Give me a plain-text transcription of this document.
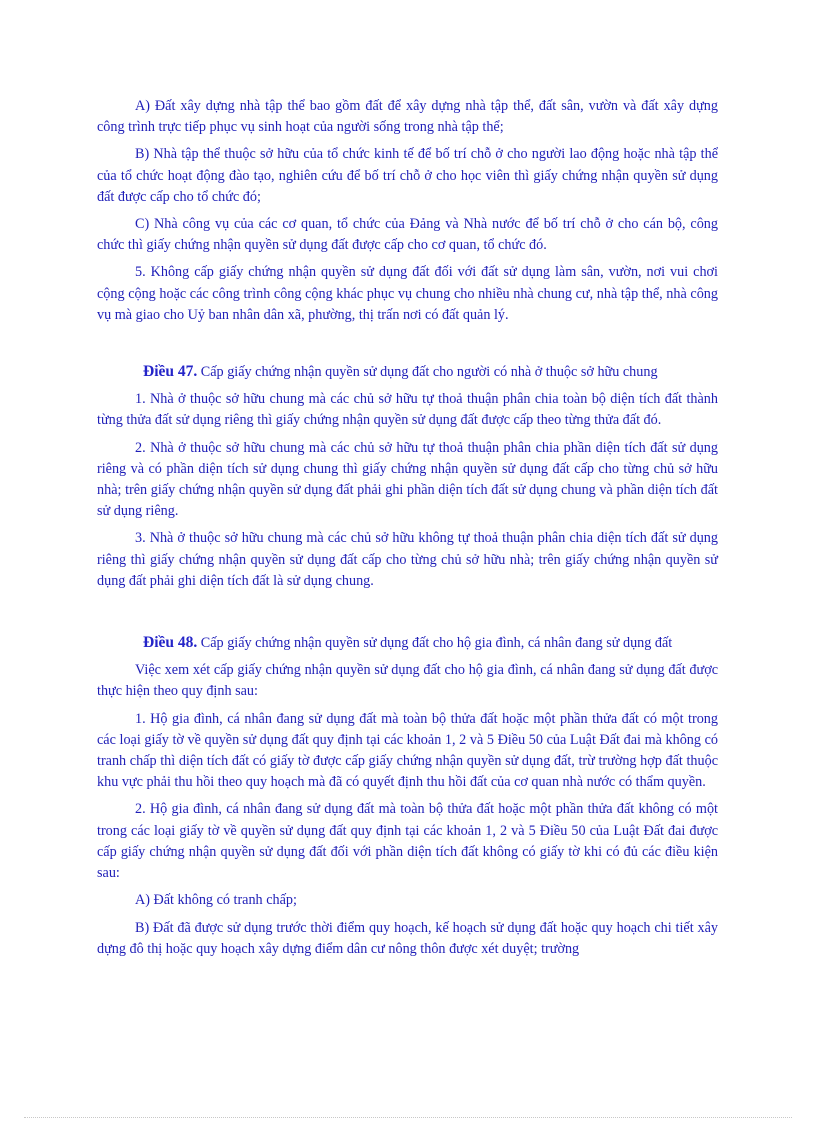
A) Đất xây dựng nhà tập thể bao gồm đất để xây dựng nhà tập thể, đất sân, vườn và đất xây dựng công trình trực tiếp phục vụ sinh hoạt của người sống trong nhà tập thể;

B) Nhà tập thể thuộc sở hữu của tổ chức kinh tế để bố trí chỗ ở cho người lao động hoặc nhà tập thể của tổ chức hoạt động đào tạo, nghiên cứu để bố trí chỗ ở cho học viên thì giấy chứng nhận quyền sử dụng đất được cấp cho tổ chức đó;

C) Nhà công vụ của các cơ quan, tổ chức của Đảng và Nhà nước để bố trí chỗ ở cho cán bộ, công chức thì giấy chứng nhận quyền sử dụng đất được cấp cho cơ quan, tổ chức đó.

5. Không cấp giấy chứng nhận quyền sử dụng đất đối với đất sử dụng làm sân, vườn, nơi vui chơi cộng cộng hoặc các công trình công cộng khác phục vụ chung cho nhiều nhà chung cư, nhà tập thể, nhà công vụ mà giao cho Uỷ ban nhân dân xã, phường, thị trấn nơi có đất quản lý.

Điều 47. Cấp giấy chứng nhận quyền sử dụng đất cho người có nhà ở thuộc sở hữu chung

1. Nhà ở thuộc sở hữu chung mà các chủ sở hữu tự thoả thuận phân chia toàn bộ diện tích đất thành từng thửa đất sử dụng riêng thì giấy chứng nhận quyền sử dụng đất được cấp theo từng thửa đất đó.

2. Nhà ở thuộc sở hữu chung mà các chủ sở hữu tự thoả thuận phân chia phần diện tích đất sử dụng riêng và có phần diện tích sử dụng chung thì giấy chứng nhận quyền sử dụng đất cấp cho từng chủ sở hữu nhà; trên giấy chứng nhận quyền sử dụng đất phải ghi phần diện tích đất sử dụng chung và phần diện tích đất sử dụng riêng.

3. Nhà ở thuộc sở hữu chung mà các chủ sở hữu không tự thoả thuận phân chia diện tích đất sử dụng riêng thì giấy chứng nhận quyền sử dụng đất cấp cho từng chủ sở hữu nhà; trên giấy chứng nhận quyền sử dụng đất phải ghi diện tích đất là sử dụng chung.

Điều 48. Cấp giấy chứng nhận quyền sử dụng đất cho hộ gia đình, cá nhân đang sử dụng đất

Việc xem xét cấp giấy chứng nhận quyền sử dụng đất cho hộ gia đình, cá nhân đang sử dụng đất được thực hiện theo quy định sau:

1. Hộ gia đình, cá nhân đang sử dụng đất mà toàn bộ thửa đất hoặc một phần thửa đất có một trong các loại giấy tờ về quyền sử dụng đất quy định tại các khoản 1, 2 và 5 Điều 50 của Luật Đất đai mà không có tranh chấp thì diện tích đất có giấy tờ được cấp giấy chứng nhận quyền sử dụng đất, trừ trường hợp đất thuộc khu vực phải thu hồi theo quy hoạch mà đã có quyết định thu hồi đất của cơ quan nhà nước có thẩm quyền.

2. Hộ gia đình, cá nhân đang sử dụng đất mà toàn bộ thửa đất hoặc một phần thửa đất không có một trong các loại giấy tờ về quyền sử dụng đất quy định tại các khoản 1, 2 và 5 Điều 50 của Luật Đất đai được cấp giấy chứng nhận quyền sử dụng đất đối với phần diện tích đất không có giấy tờ khi có đủ các điều kiện sau:

A) Đất không có tranh chấp;

B) Đất đã được sử dụng trước thời điểm quy hoạch, kế hoạch sử dụng đất hoặc quy hoạch chi tiết xây dựng đô thị hoặc quy hoạch xây dựng điểm dân cư nông thôn được xét duyệt; trường
